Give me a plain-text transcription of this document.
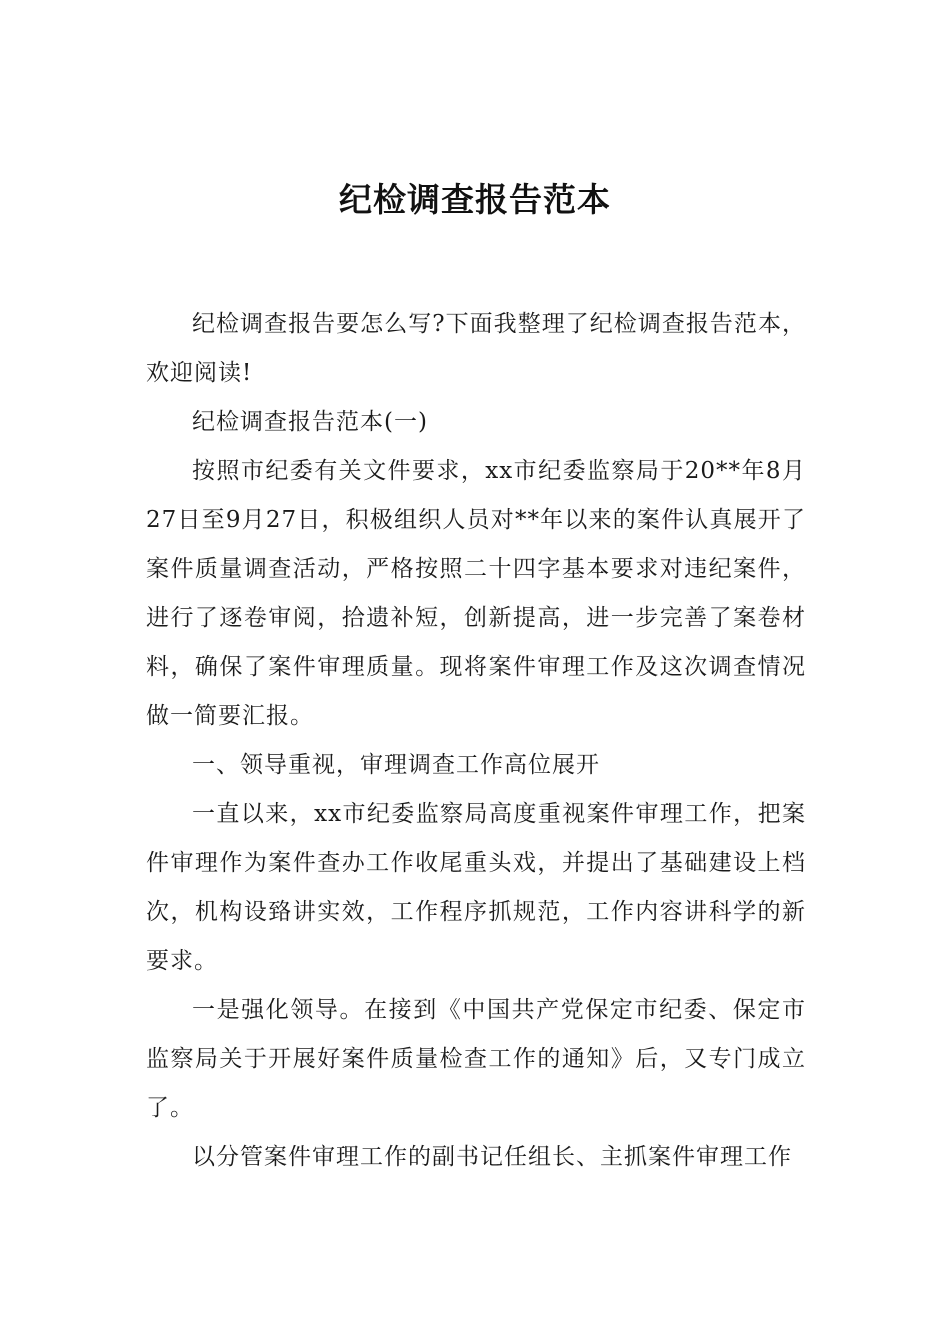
纪检调查报告范本

纪检调查报告要怎么写?下面我整理了纪检调查报告范本，欢迎阅读!

纪检调查报告范本(一)

按照市纪委有关文件要求，xx市纪委监察局于20**年8月27日至9月27日，积极组织人员对**年以来的案件认真展开了案件质量调查活动，严格按照二十四字基本要求对违纪案件，进行了逐卷审阅，拾遗补短，创新提高，进一步完善了案卷材料，确保了案件审理质量。现将案件审理工作及这次调查情况做一简要汇报。

一、领导重视，审理调查工作高位展开

一直以来，xx市纪委监察局高度重视案件审理工作，把案件审理作为案件查办工作收尾重头戏，并提出了基础建设上档次，机构设臵讲实效，工作程序抓规范，工作内容讲科学的新要求。

一是强化领导。在接到《中国共产党保定市纪委、保定市监察局关于开展好案件质量检查工作的通知》后，又专门成立了。

以分管案件审理工作的副书记任组长、主抓案件审理工作
